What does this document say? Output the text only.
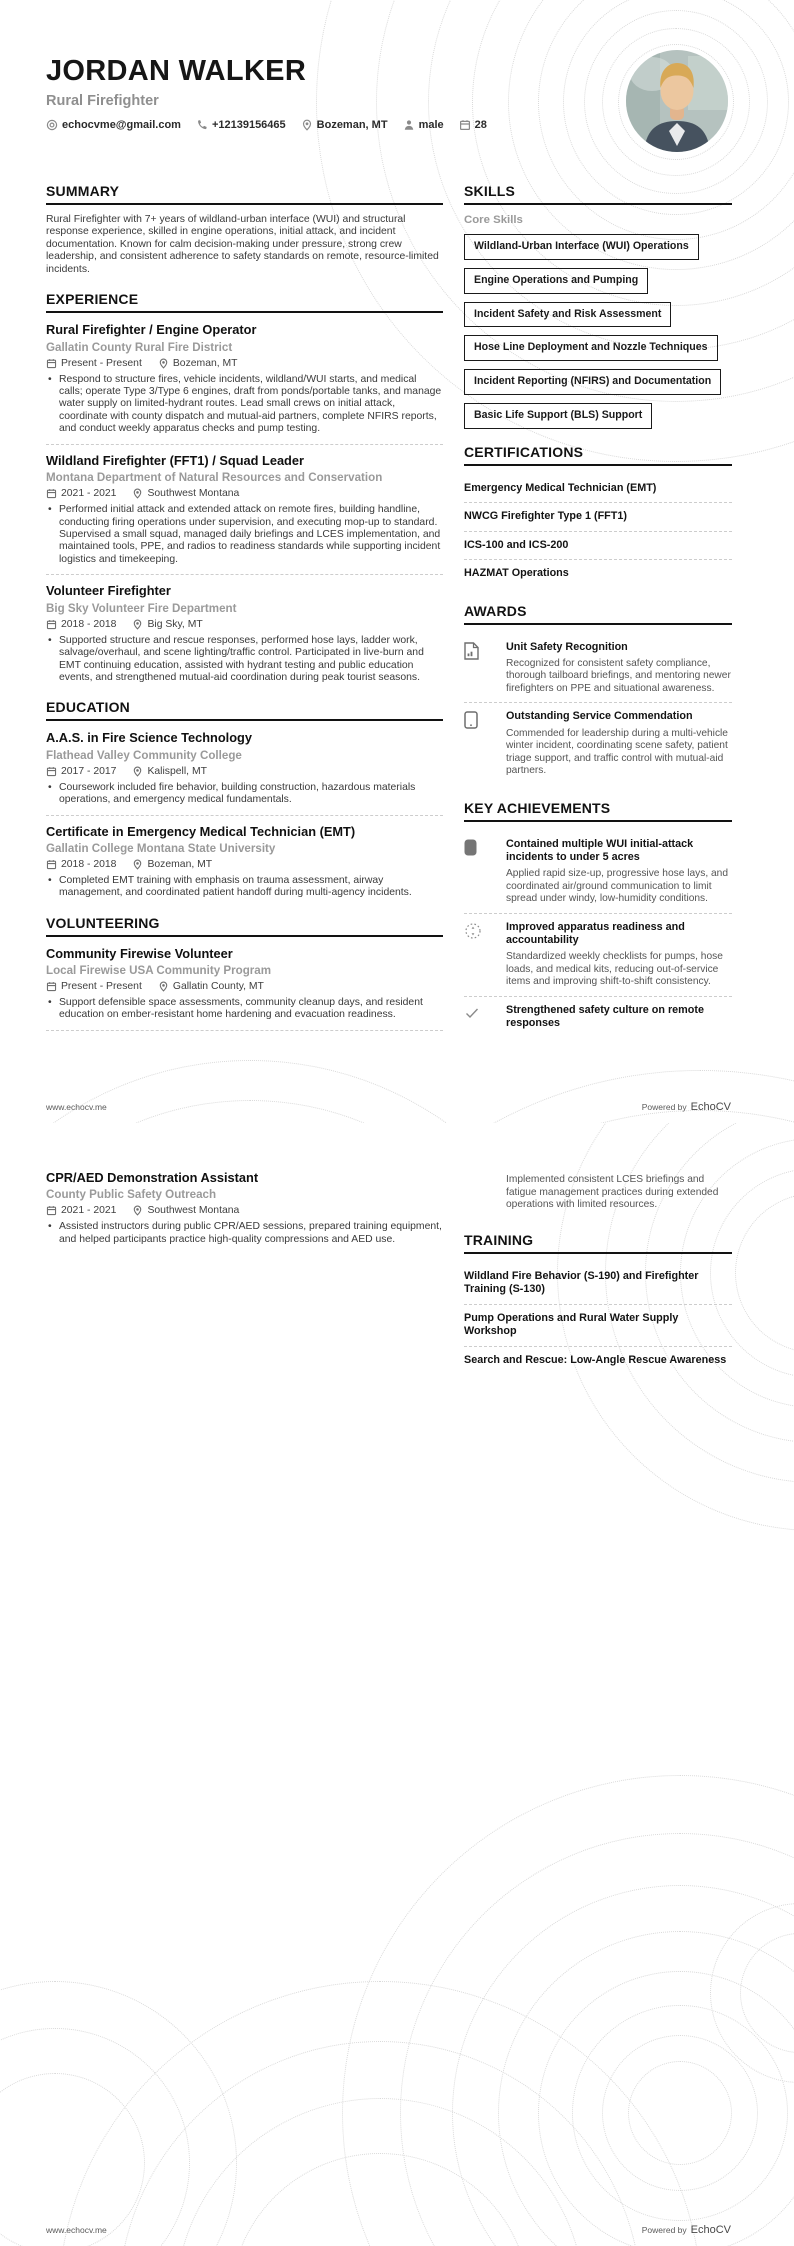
JORDAN WALKER
Rural Firefighter
echocvme@gmail.com	+12139156465	Bozeman, MT	male	28
SUMMARY
Rural Firefighter with 7+ years of wildland-urban interface (WUI) and structural response experience, skilled in engine operations, initial attack, and incident documentation. Known for calm decision-making under pressure, strong crew leadership, and consistent adherence to safety standards on remote, resource-limited incidents.
EXPERIENCE
Rural Firefighter / Engine Operator
Gallatin County Rural Fire District
Present - Present	Bozeman, MT
• Respond to structure fires, vehicle incidents, wildland/WUI starts, and medical calls; operate Type 3/Type 6 engines, draft from ponds/portable tanks, and manage water supply on limited-hydrant routes. Lead small crews on initial attack, coordinate with county dispatch and mutual-aid partners, complete NFIRS reports, and conduct weekly apparatus checks and pump testing.
Wildland Firefighter (FFT1) / Squad Leader
Montana Department of Natural Resources and Conservation
2021 - 2021	Southwest Montana
• Performed initial attack and extended attack on remote fires, building handline, conducting firing operations under supervision, and executing mop-up to standard. Supervised a small squad, managed daily briefings and LCES implementation, and maintained tools, PPE, and radios to readiness standards while supporting incident logistics and timekeeping.
Volunteer Firefighter
Big Sky Volunteer Fire Department
2018 - 2018	Big Sky, MT
• Supported structure and rescue responses, performed hose lays, ladder work, salvage/overhaul, and scene lighting/traffic control. Participated in live-burn and EMT continuing education, assisted with hydrant testing and public education events, and strengthened mutual-aid coordination during peak tourist seasons.
EDUCATION
A.A.S. in Fire Science Technology
Flathead Valley Community College
2017 - 2017	Kalispell, MT
• Coursework included fire behavior, building construction, hazardous materials operations, and emergency medical fundamentals.
Certificate in Emergency Medical Technician (EMT)
Gallatin College Montana State University
2018 - 2018	Bozeman, MT
• Completed EMT training with emphasis on trauma assessment, airway management, and coordinated patient handoff during multi-agency incidents.
VOLUNTEERING
Community Firewise Volunteer
Local Firewise USA Community Program
Present - Present	Gallatin County, MT
• Support defensible space assessments, community cleanup days, and resident education on ember-resistant home hardening and evacuation readiness.
SKILLS
Core Skills
Wildland-Urban Interface (WUI) Operations
Engine Operations and Pumping
Incident Safety and Risk Assessment
Hose Line Deployment and Nozzle Techniques
Incident Reporting (NFIRS) and Documentation
Basic Life Support (BLS) Support
CERTIFICATIONS
Emergency Medical Technician (EMT)
NWCG Firefighter Type 1 (FFT1)
ICS-100 and ICS-200
HAZMAT Operations
AWARDS
Unit Safety Recognition
Recognized for consistent safety compliance, thorough tailboard briefings, and mentoring newer firefighters on PPE and situational awareness.
Outstanding Service Commendation
Commended for leadership during a multi-vehicle winter incident, coordinating scene safety, patient triage support, and traffic control with mutual-aid partners.
KEY ACHIEVEMENTS
Contained multiple WUI initial-attack incidents to under 5 acres
Applied rapid size-up, progressive hose lays, and coordinated air/ground communication to limit spread under windy, low-humidity conditions.
Improved apparatus readiness and accountability
Standardized weekly checklists for pumps, hose loads, and medical kits, reducing out-of-service items and improving shift-to-shift consistency.
Strengthened safety culture on remote responses
www.echocv.me	Powered by EchoCV
CPR/AED Demonstration Assistant
County Public Safety Outreach
2021 - 2021	Southwest Montana
• Assisted instructors during public CPR/AED sessions, prepared training equipment, and helped participants practice high-quality compressions and AED use.
Implemented consistent LCES briefings and fatigue management practices during extended operations with limited resources.
TRAINING
Wildland Fire Behavior (S-190) and Firefighter Training (S-130)
Pump Operations and Rural Water Supply Workshop
Search and Rescue: Low-Angle Rescue Awareness
www.echocv.me	Powered by EchoCV
